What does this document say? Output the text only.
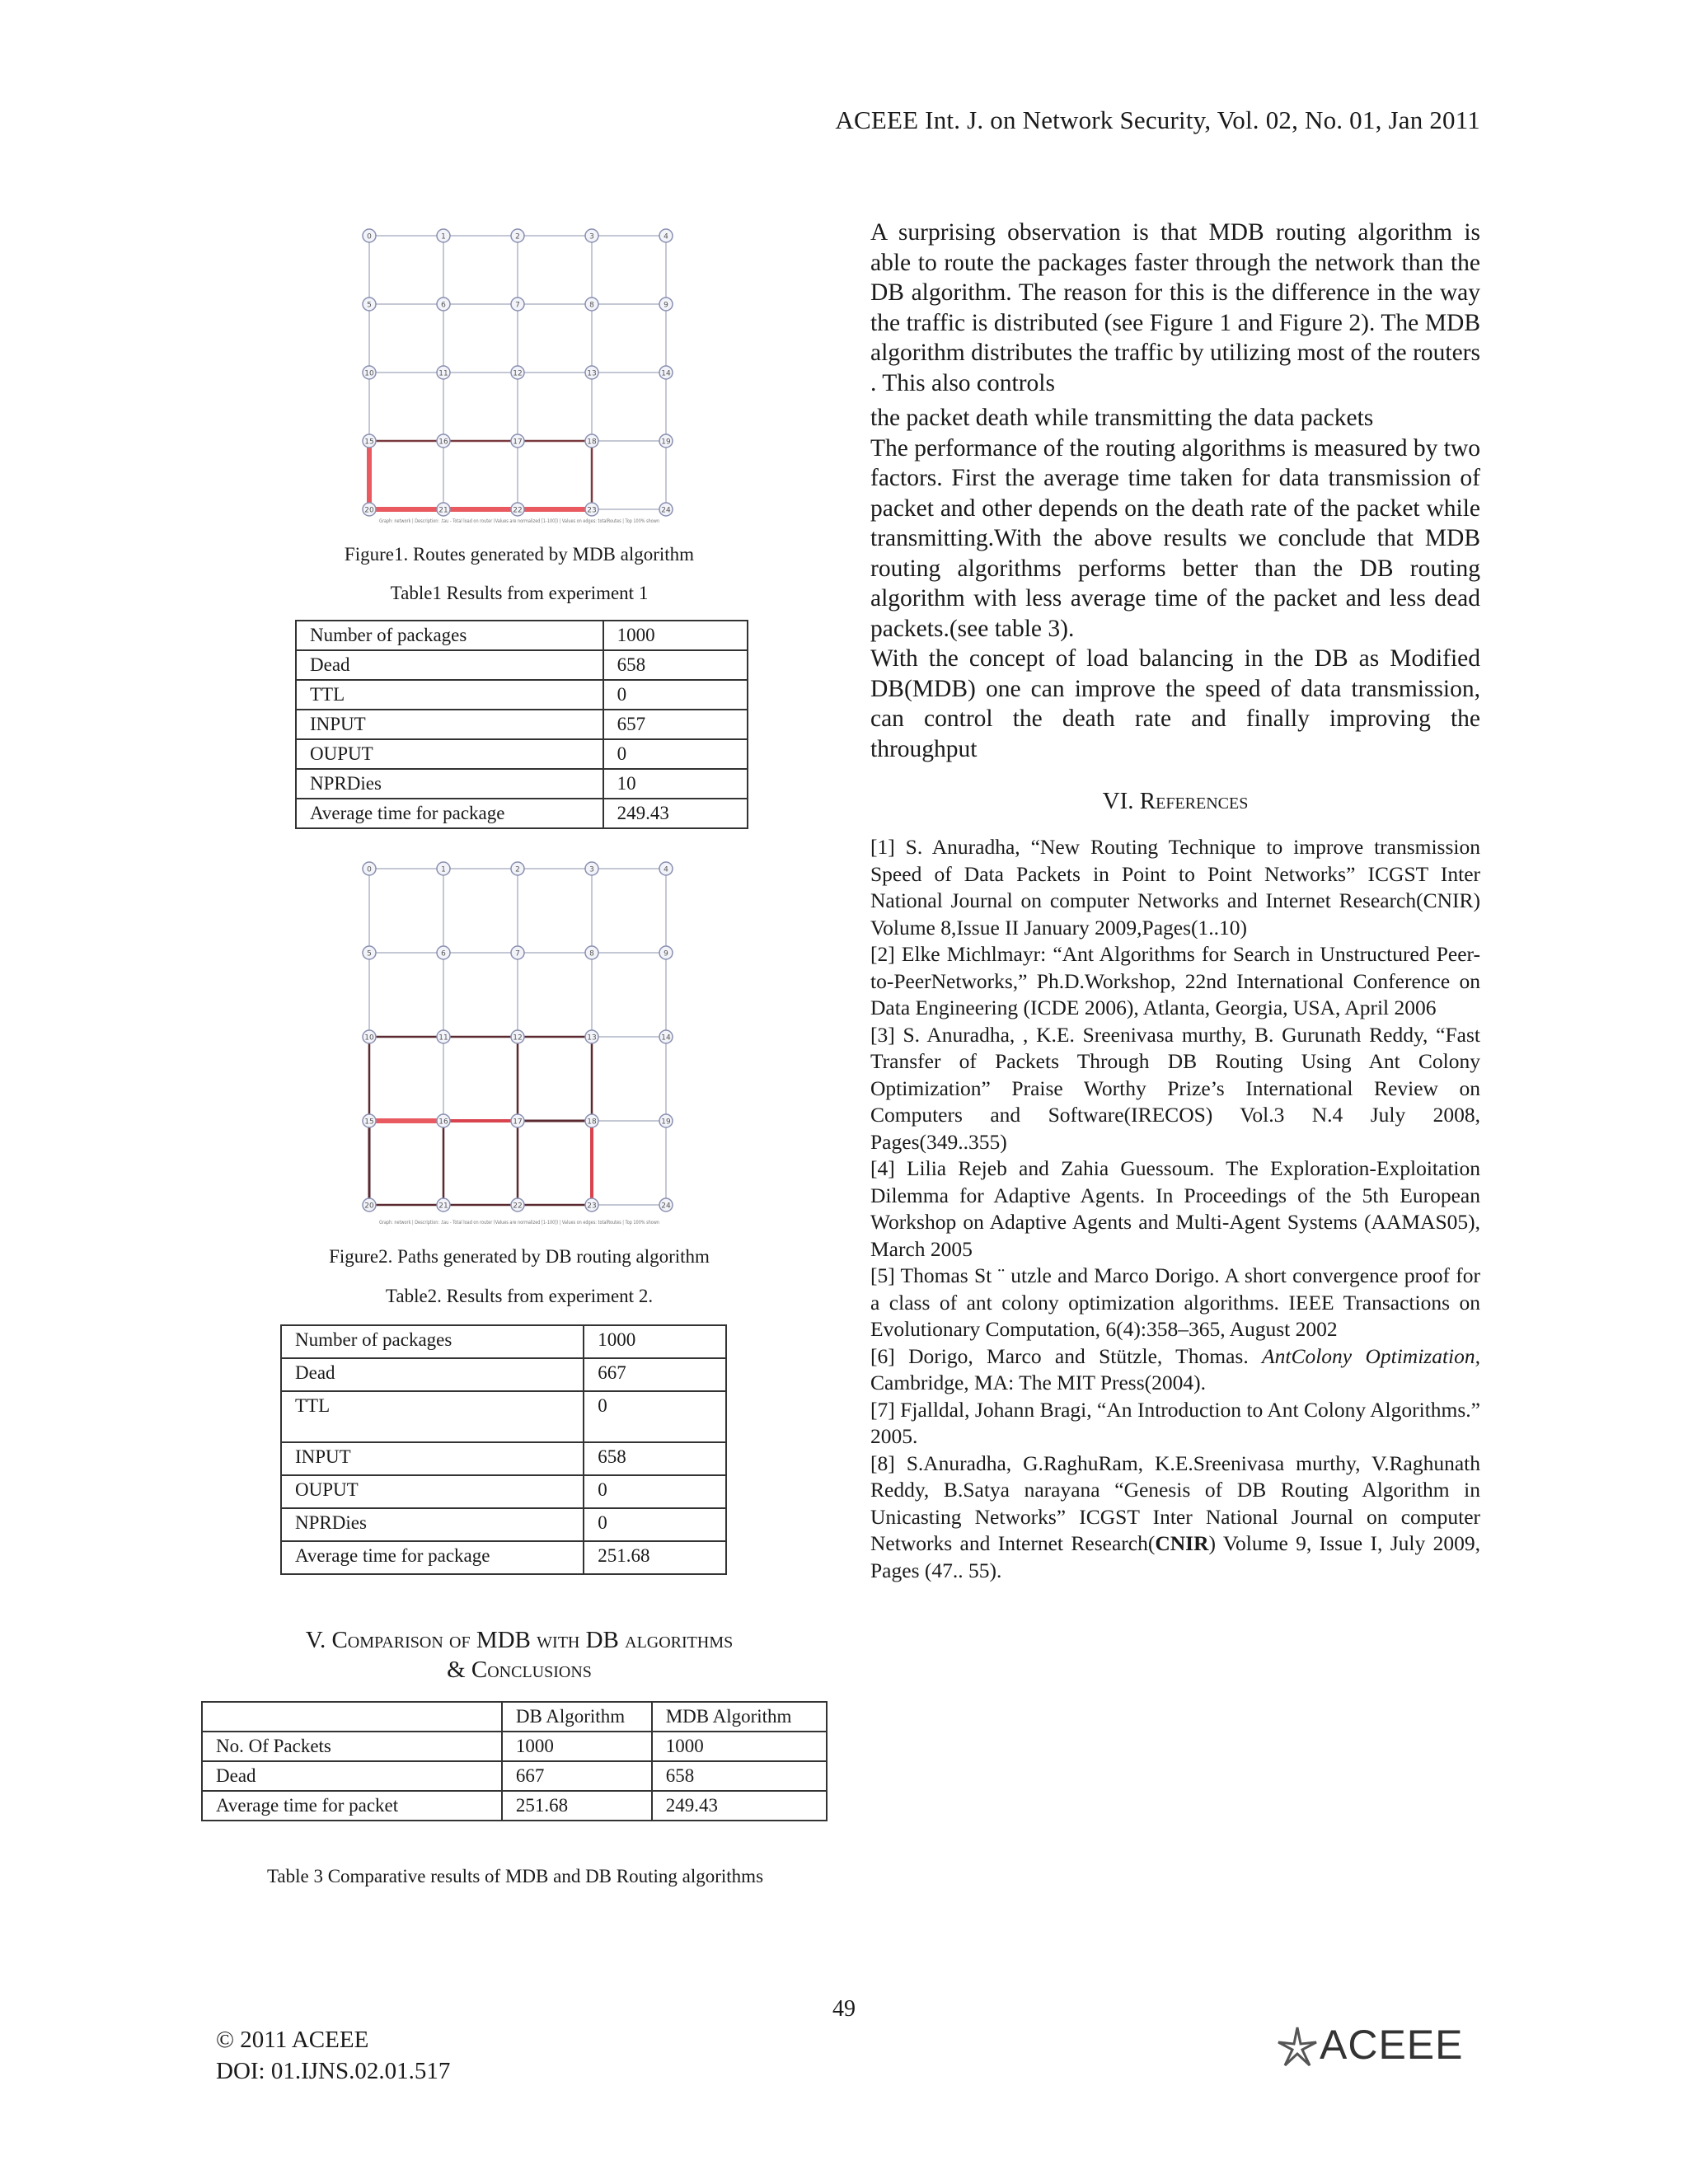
ACEEE Int. J. on Network Security, Vol. 02, No. 01, Jan 2011
0	1	2	3	4
5	6	7	8	9
10	11	12	13	14
15	16	17	18	19
20	21	22	23	24
Graph: network | Description: .tau - Total load on router (Values are normalized [1-100]) | Values on edges: totalRoutes | Top 100% shown
Figure1. Routes generated by MDB algorithm
Table1 Results from experiment 1
Number of packages	1000
Dead	658
TTL	0
INPUT	657
OUPUT	0
NPRDies	10
Average time for package	249.43
0	1	2	3	4
5	6	7	8	9
10	11	12	13	14
15	16	17	18	19
20	21	22	23	24
Graph: network | Description: .tau - Total load on router (Values are normalized [1-100]) | Values on edges: totalRoutes | Top 100% shown
Figure2. Paths generated by DB routing algorithm
Table2. Results from experiment 2.
Number of packages	1000
Dead	667
TTL	0
INPUT	658
OUPUT	0
NPRDies	0
Average time for package	251.68
V. Comparison of MDB with DB algorithms
& Conclusions
	DB Algorithm	MDB Algorithm
No. Of Packets	1000	1000
Dead	667	658
Average time for packet	251.68	249.43
Table 3 Comparative results of MDB and DB Routing algorithms

A surprising observation is that MDB routing algorithm is able to route the packages faster through the network than the DB algorithm. The reason for this is the difference in the way the traffic is distributed (see Figure 1 and Figure 2). The MDB algorithm distributes the traffic by utilizing most of the routers . This also controls

the packet death while transmitting the data packets

The performance of the routing algorithms is measured by two factors. First the average time taken for data transmission of packet and other depends on the death rate of the packet while transmitting.With the above results we conclude that MDB routing algorithms performs better than the DB routing algorithm with less average time of the packet and less dead packets.(see table 3).

With the concept of load balancing in the DB as Modified DB(MDB) one can improve the speed of data transmission, can control the death rate and finally improving the throughput

VI. References

[1] S. Anuradha, “New Routing Technique to improve transmission Speed of Data Packets in Point to Point Networks” ICGST Inter National Journal on computer Networks and Internet Research(CNIR) Volume 8,Issue II January 2009,Pages(1..10)

[2] Elke Michlmayr: “Ant Algorithms for Search in Unstructured Peer-to-PeerNetworks,” Ph.D.Workshop, 22nd International Conference on Data Engineering (ICDE 2006), Atlanta, Georgia, USA, April 2006

[3] S. Anuradha, , K.E. Sreenivasa murthy, B. Gurunath Reddy, “Fast Transfer of Packets Through DB Routing Using Ant Colony Optimization” Praise Worthy Prize’s International Review on Computers and Software(IRECOS) Vol.3 N.4 July 2008, Pages(349..355)

[4] Lilia Rejeb and Zahia Guessoum. The Exploration-Exploitation Dilemma for Adaptive Agents. In Proceedings of the 5th European Workshop on Adaptive Agents and Multi-Agent Systems (AAMAS05), March 2005

[5] Thomas St ¨ utzle and Marco Dorigo. A short convergence proof for a class of ant colony optimization algorithms. IEEE Transactions on Evolutionary Computation, 6(4):358–365, August 2002

[6] Dorigo, Marco and Stützle, Thomas. AntColony Optimization, Cambridge, MA: The MIT Press(2004).

[7] Fjalldal, Johann Bragi, “An Introduction to Ant Colony Algorithms.” 2005.

[8] S.Anuradha, G.RaghuRam, K.E.Sreenivasa murthy, V.Raghunath Reddy, B.Satya narayana “Genesis of DB Routing Algorithm in Unicasting Networks” ICGST Inter National Journal on computer Networks and Internet Research(CNIR) Volume 9, Issue I, July 2009, Pages (47.. 55).

49
© 2011 ACEEE
DOI: 01.IJNS.02.01.517
ACEEE
